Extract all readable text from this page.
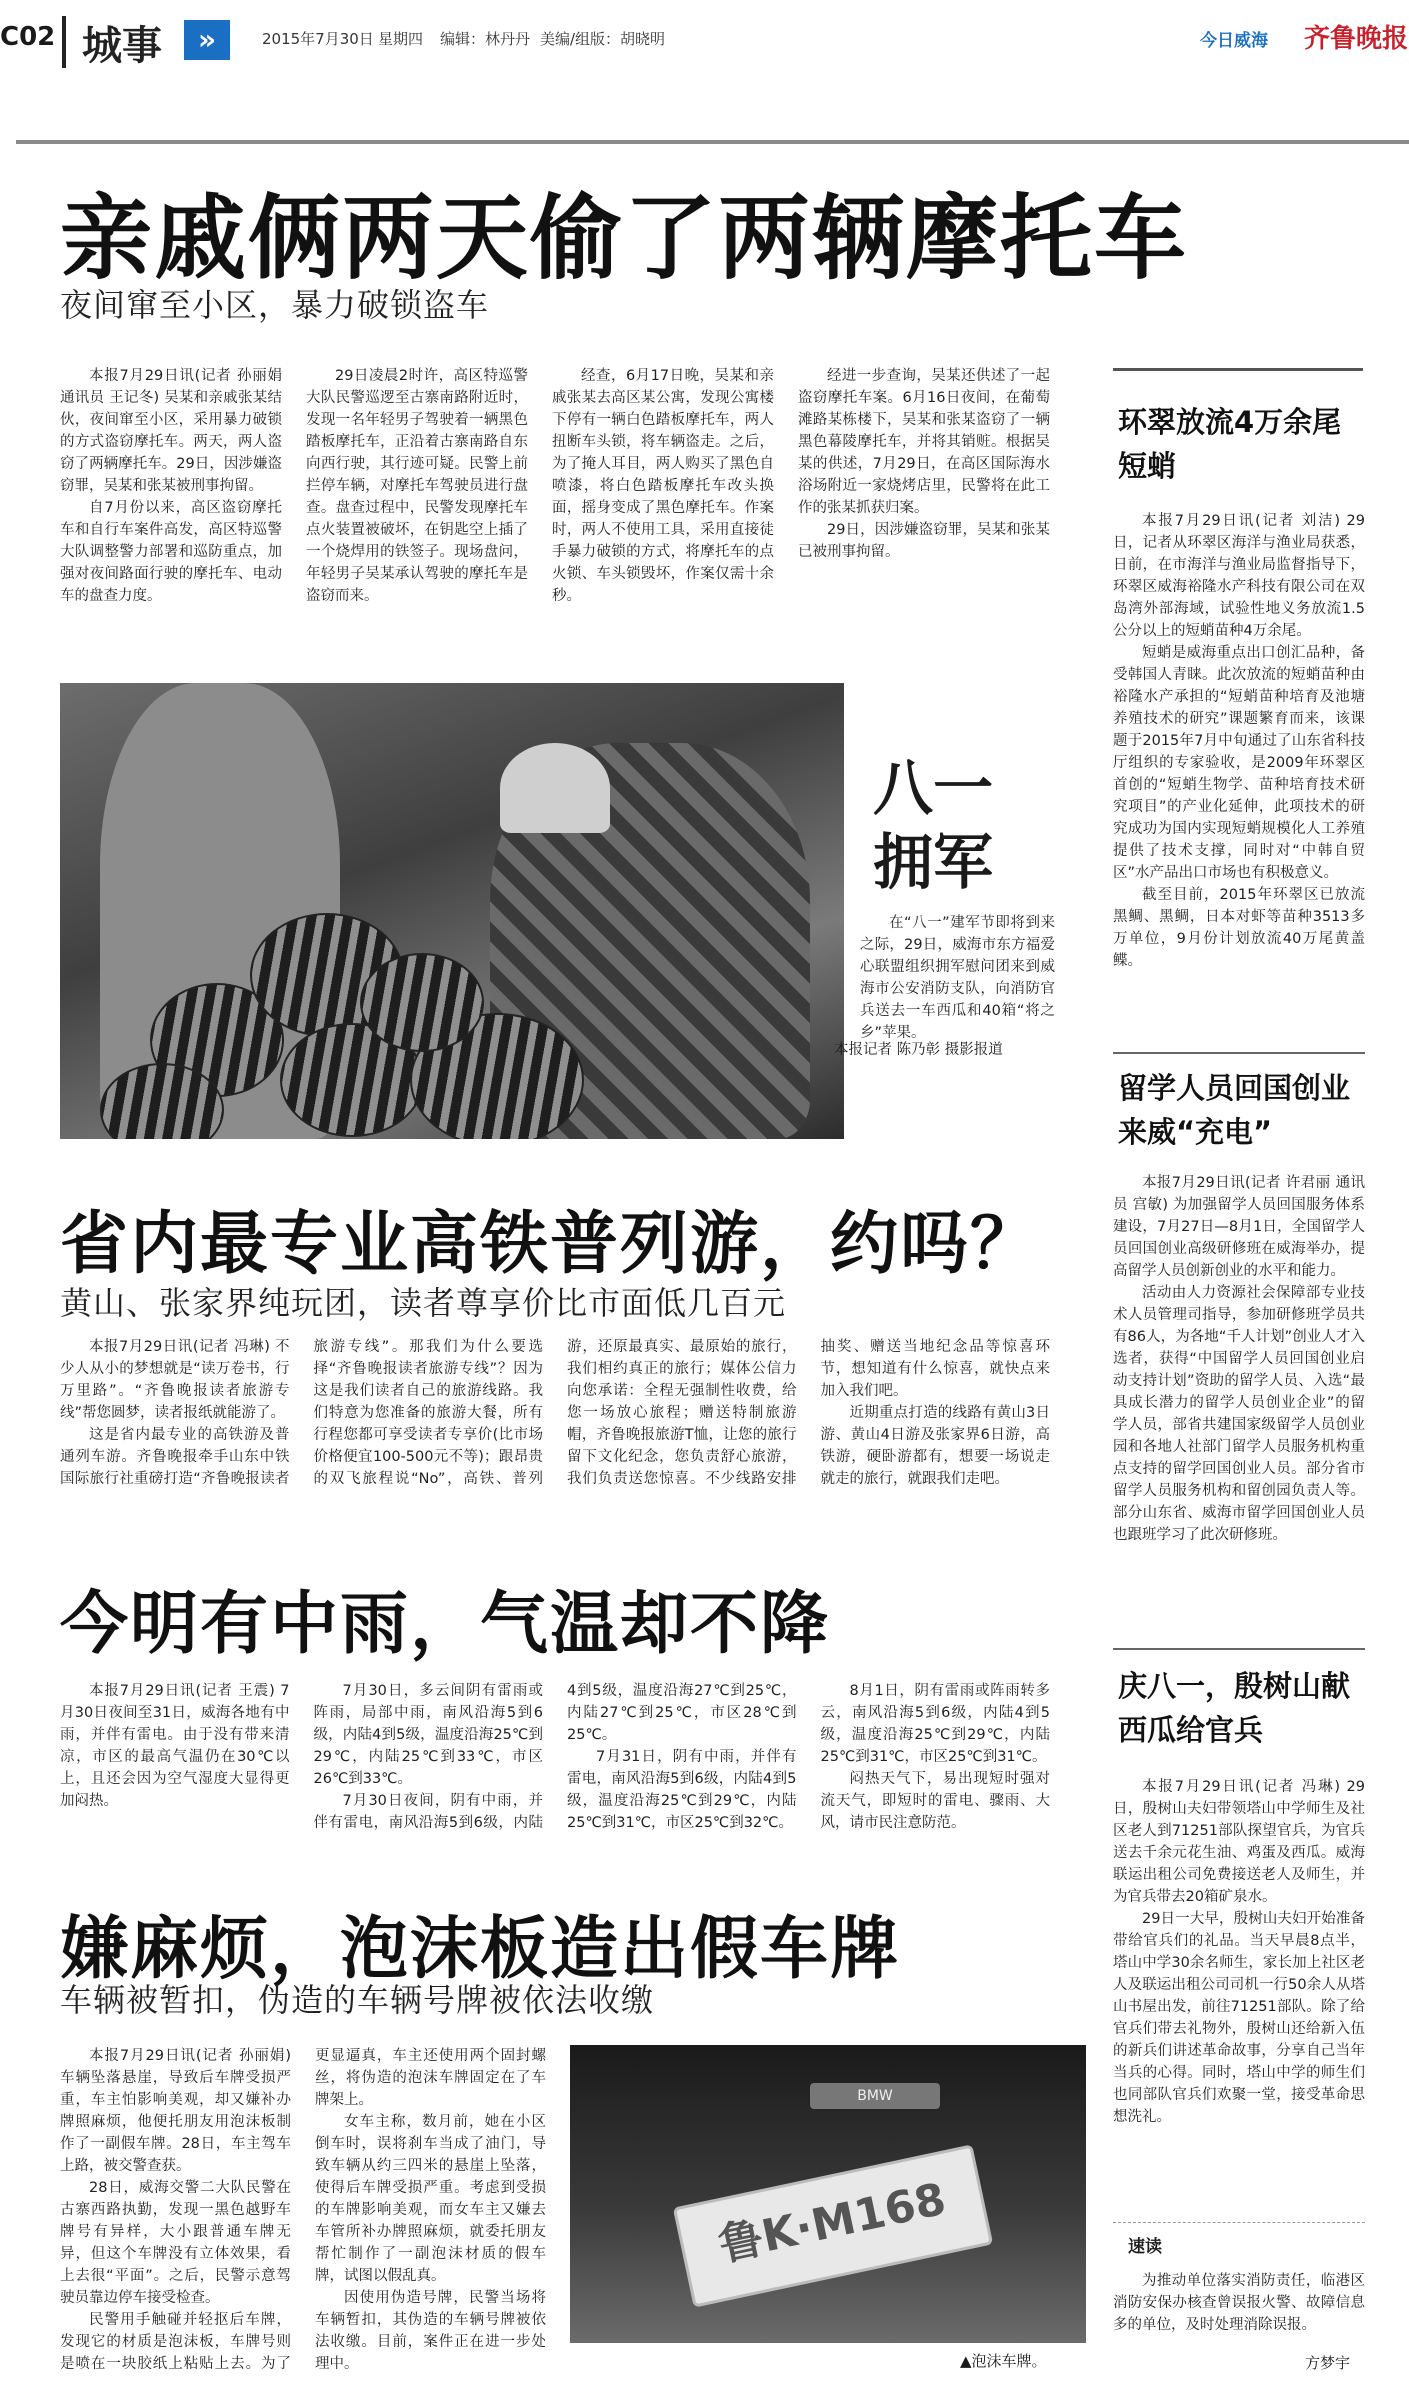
C02 城事	»	2015年7月30日 星期四 编辑：林丹丹 美编/组版：胡晓明	今日威海 齐鲁晚报
亲戚俩两天偷了两辆摩托车
夜间窜至小区，暴力破锁盗车

本报7月29日讯(记者 孙丽娟 通讯员 王记冬) 吴某和亲戚张某结伙，夜间窜至小区，采用暴力破锁的方式盗窃摩托车。两天，两人盗窃了两辆摩托车。29日，因涉嫌盗窃罪，吴某和张某被刑事拘留。

自7月份以来，高区盗窃摩托车和自行车案件高发，高区特巡警大队调整警力部署和巡防重点，加强对夜间路面行驶的摩托车、电动车的盘查力度。

29日凌晨2时许，高区特巡警大队民警巡逻至古寨南路附近时，发现一名年轻男子驾驶着一辆黑色踏板摩托车，正沿着古寨南路自东向西行驶，其行迹可疑。民警上前拦停车辆，对摩托车驾驶员进行盘查。盘查过程中，民警发现摩托车点火装置被破坏，在钥匙空上插了一个烧焊用的铁签子。现场盘问，年轻男子吴某承认驾驶的摩托车是盗窃而来。

经查，6月17日晚，吴某和亲戚张某去高区某公寓，发现公寓楼下停有一辆白色踏板摩托车，两人扭断车头锁，将车辆盗走。之后，为了掩人耳目，两人购买了黑色自喷漆，将白色踏板摩托车改头换面，摇身变成了黑色摩托车。作案时，两人不使用工具，采用直接徒手暴力破锁的方式，将摩托车的点火锁、车头锁毁坏，作案仅需十余秒。

经进一步查询，吴某还供述了一起盗窃摩托车案。6月16日夜间，在葡萄滩路某栋楼下，吴某和张某盗窃了一辆黑色幕陵摩托车，并将其销赃。根据吴某的供述，7月29日，在高区国际海水浴场附近一家烧烤店里，民警将在此工作的张某抓获归案。

29日，因涉嫌盗窃罪，吴某和张某已被刑事拘留。

八一拥军

在“八一”建军节即将到来之际，29日，威海市东方福爱心联盟组织拥军慰问团来到威海市公安消防支队，向消防官兵送去一车西瓜和40箱“将之乡”苹果。

本报记者 陈乃彰 摄影报道
省内最专业高铁普列游，约吗？
黄山、张家界纯玩团，读者尊享价比市面低几百元

本报7月29日讯(记者 冯琳) 不少人从小的梦想就是“读万卷书，行万里路”。“齐鲁晚报读者旅游专线”帮您圆梦，读者报纸就能游了。

这是省内最专业的高铁游及普通列车游。齐鲁晚报牵手山东中铁国际旅行社重磅打造“齐鲁晚报读者旅游专线”。那我们为什么要选择“齐鲁晚报读者旅游专线”？因为这是我们读者自己的旅游线路。我们特意为您准备的旅游大餐，所有行程您都可享受读者专享价(比市场价格便宜100-500元不等)；跟昂贵的双飞旅程说“No”，高铁、普列游，还原最真实、最原始的旅行，我们相约真正的旅行；媒体公信力向您承诺：全程无强制性收费，给您一场放心旅程；赠送特制旅游帽，齐鲁晚报旅游T恤，让您的旅行留下文化纪念，您负责舒心旅游，我们负责送您惊喜。不少线路安排抽奖、赠送当地纪念品等惊喜环节，想知道有什么惊喜，就快点来加入我们吧。

近期重点打造的线路有黄山3日游、黄山4日游及张家界6日游，高铁游，硬卧游都有，想要一场说走就走的旅行，就跟我们走吧。

今明有中雨，气温却不降

本报7月29日讯(记者 王震) 7月30日夜间至31日，威海各地有中雨，并伴有雷电。由于没有带来清凉，市区的最高气温仍在30℃以上，且还会因为空气湿度大显得更加闷热。

7月30日，多云间阴有雷雨或阵雨，局部中雨，南风沿海5到6级，内陆4到5级，温度沿海25℃到29℃，内陆25℃到33℃，市区26℃到33℃。

7月30日夜间，阴有中雨，并伴有雷电，南风沿海5到6级，内陆4到5级，温度沿海27℃到25℃，内陆27℃到25℃，市区28℃到25℃。

7月31日，阴有中雨，并伴有雷电，南风沿海5到6级，内陆4到5级，温度沿海25℃到29℃，内陆25℃到31℃，市区25℃到32℃。

8月1日，阴有雷雨或阵雨转多云，南风沿海5到6级，内陆4到5级，温度沿海25℃到29℃，内陆25℃到31℃，市区25℃到31℃。

闷热天气下，易出现短时强对流天气，即短时的雷电、骤雨、大风，请市民注意防范。

嫌麻烦，泡沫板造出假车牌
车辆被暂扣，伪造的车辆号牌被依法收缴

本报7月29日讯(记者 孙丽娟) 车辆坠落悬崖，导致后车牌受损严重，车主怕影响美观，却又嫌补办牌照麻烦，他便托朋友用泡沫板制作了一副假车牌。28日，车主驾车上路，被交警查获。

28日，威海交警二大队民警在古寨西路执勤，发现一黑色越野车牌号有异样，大小跟普通车牌无异，但这个车牌没有立体效果，看上去很“平面”。之后，民警示意驾驶员靠边停车接受检查。

民警用手触碰并轻抠后车牌，发现它的材质是泡沫板，车牌号则是喷在一块胶纸上粘贴上去。为了更显逼真，车主还使用两个固封螺丝，将伪造的泡沫车牌固定在了车牌架上。

女车主称，数月前，她在小区倒车时，误将刹车当成了油门，导致车辆从约三四米的悬崖上坠落，使得后车牌受损严重。考虑到受损的车牌影响美观，而女车主又嫌去车管所补办牌照麻烦，就委托朋友帮忙制作了一副泡沫材质的假车牌，试图以假乱真。

因使用伪造号牌，民警当场将车辆暂扣，其伪造的车辆号牌被依法收缴。目前，案件正在进一步处理中。

BMW
鲁K·M168
▲泡沫车牌。
环翠放流4万余尾短蛸

本报7月29日讯(记者 刘洁) 29日，记者从环翠区海洋与渔业局获悉，日前，在市海洋与渔业局监督指导下，环翠区威海裕隆水产科技有限公司在双岛湾外部海域，试验性地义务放流1.5公分以上的短蛸苗种4万余尾。

短蛸是威海重点出口创汇品种，备受韩国人青睐。此次放流的短蛸苗种由裕隆水产承担的“短蛸苗种培育及池塘养殖技术的研究”课题繁育而来，该课题于2015年7月中旬通过了山东省科技厅组织的专家验收，是2009年环翠区首创的“短蛸生物学、苗种培育技术研究项目”的产业化延伸，此项技术的研究成功为国内实现短蛸规模化人工养殖提供了技术支撑，同时对“中韩自贸区”水产品出口市场也有积极意义。

截至目前，2015年环翠区已放流黑鲷、黑鲷，日本对虾等苗种3513多万单位，9月份计划放流40万尾黄盖鲽。

留学人员回国创业来威“充电”

本报7月29日讯(记者 许君丽 通讯员 宫敏) 为加强留学人员回国服务体系建设，7月27日—8月1日，全国留学人员回国创业高级研修班在威海举办，提高留学人员创新创业的水平和能力。

活动由人力资源社会保障部专业技术人员管理司指导，参加研修班学员共有86人，为各地“千人计划”创业人才入选者，获得“中国留学人员回国创业启动支持计划”资助的留学人员、入选“最具成长潜力的留学人员创业企业”的留学人员，部省共建国家级留学人员创业园和各地人社部门留学人员服务机构重点支持的留学回国创业人员。部分省市留学人员服务机构和留创园负责人等。部分山东省、威海市留学回国创业人员也跟班学习了此次研修班。

庆八一，殷树山献西瓜给官兵

本报7月29日讯(记者 冯琳) 29日，殷树山夫妇带领塔山中学师生及社区老人到71251部队探望官兵，为官兵送去千余元花生油、鸡蛋及西瓜。威海联运出租公司免费接送老人及师生，并为官兵带去20箱矿泉水。

29日一大早，殷树山夫妇开始准备带给官兵们的礼品。当天早晨8点半，塔山中学30余名师生，家长加上社区老人及联运出租公司司机一行50余人从塔山书屋出发，前往71251部队。除了给官兵们带去礼物外，殷树山还给新入伍的新兵们讲述革命故事，分享自己当年当兵的心得。同时，塔山中学的师生们也同部队官兵们欢聚一堂，接受革命思想洗礼。

速读

为推动单位落实消防责任，临港区消防安保办核查曾误报火警、故障信息多的单位，及时处理消除误报。

方梦宇
